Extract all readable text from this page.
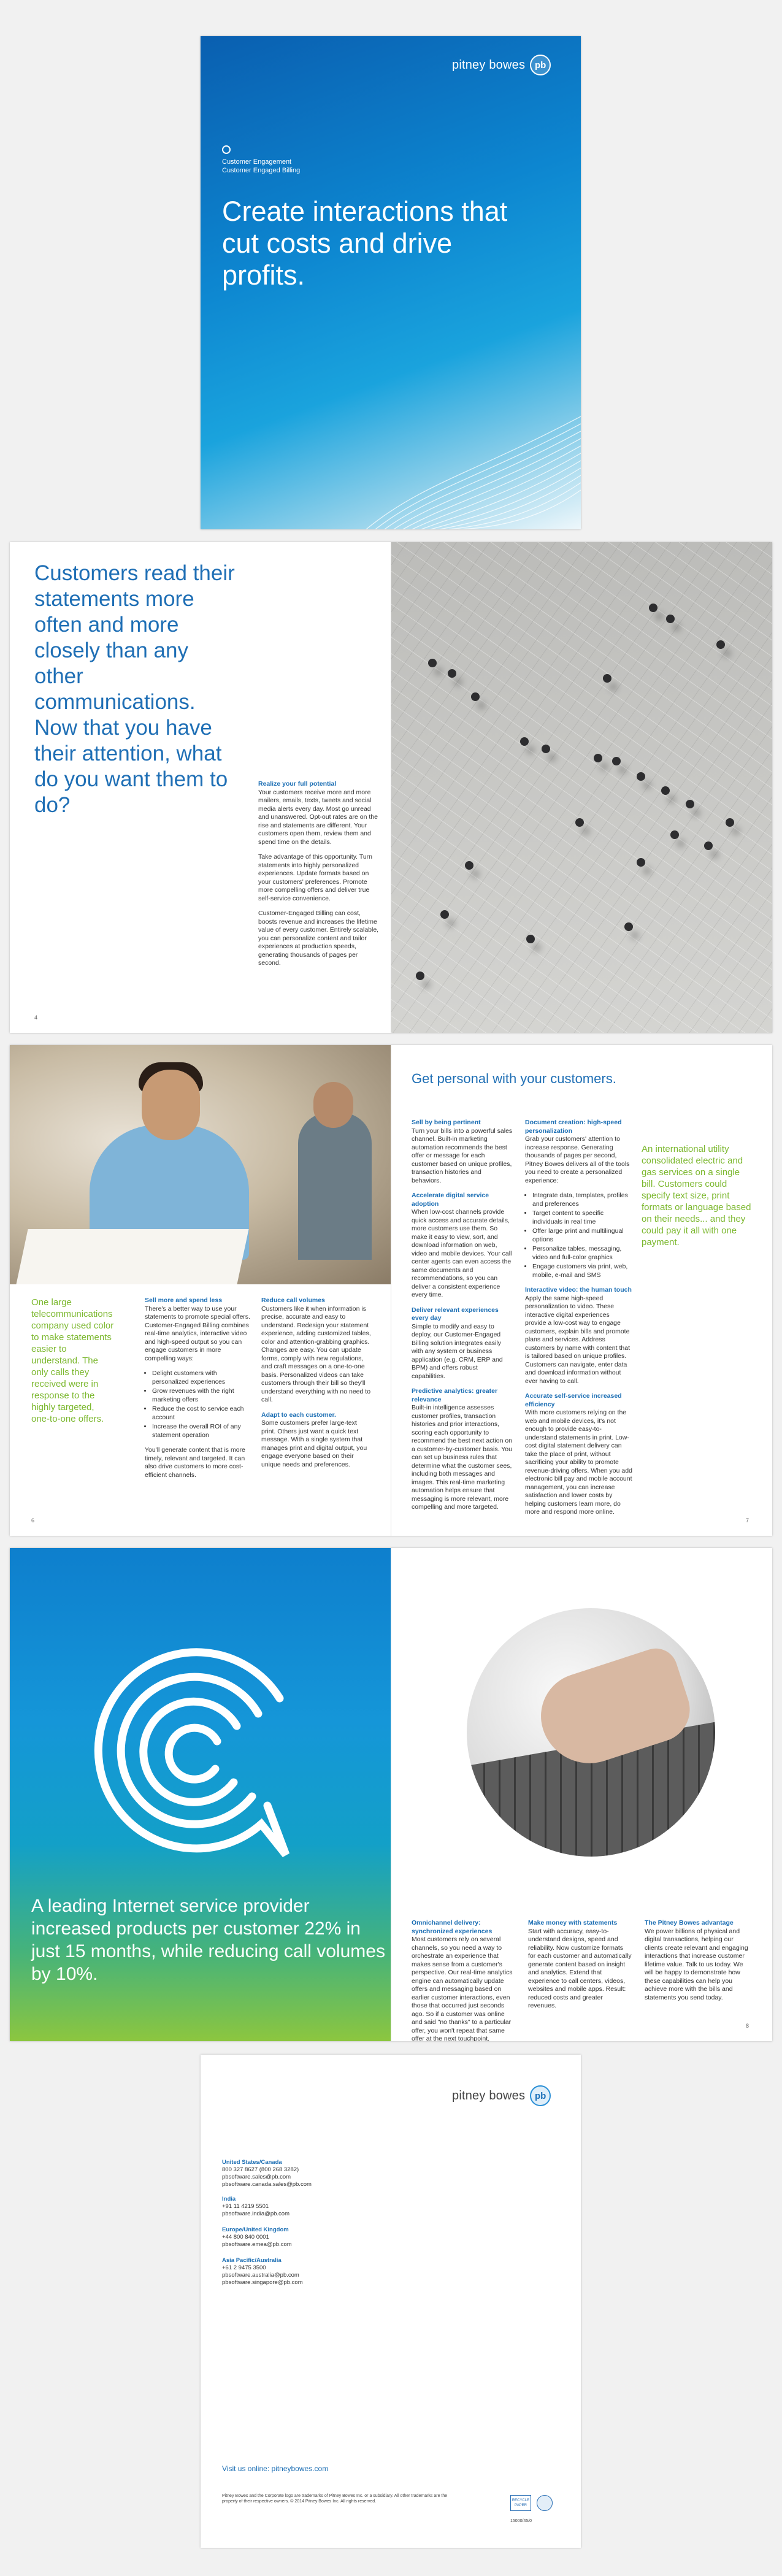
pitney bowes	pb
Customer Engagement
Customer Engaged Billing
Create interactions that cut costs and drive profits.
Customers read their statements more often and more closely than any other communications. Now that you have their attention, what do you want them to do?

Realize your full potential
Your customers receive more and more mailers, emails, texts, tweets and social media alerts every day. Most go unread and unanswered. Opt-out rates are on the rise and statements are different. Your customers open them, review them and spend time on the details.

Take advantage of this opportunity. Turn statements into highly personalized experiences. Update formats based on your customers' preferences. Promote more compelling offers and deliver true self-service convenience.

Customer-Engaged Billing can cost, boosts revenue and increases the lifetime value of every customer. Entirely scalable, you can personalize content and tailor experiences at production speeds, generating thousands of pages per second.

4
One large telecommunications company used color to make statements easier to understand. The only calls they received were in response to the highly targeted, one-to-one offers.

Sell more and spend less
There's a better way to use your statements to promote special offers. Customer-Engaged Billing combines real-time analytics, interactive video and high-speed output so you can engage customers in more compelling ways:

• Delight customers with personalized experiences
• Grow revenues with the right marketing offers
• Reduce the cost to service each account
• Increase the overall ROI of any statement operation

You'll generate content that is more timely, relevant and targeted. It can also drive customers to more cost-efficient channels.

Reduce call volumes
Customers like it when information is precise, accurate and easy to understand. Redesign your statement experience, adding customized tables, color and attention-grabbing graphics. Changes are easy. You can update forms, comply with new regulations, and craft messages on a one-to-one basis. Personalized videos can take customers through their bill so they'll understand everything with no need to call.

Adapt to each customer.
Some customers prefer large-text print. Others just want a quick text message. With a single system that manages print and digital output, you engage everyone based on their unique needs and preferences.

6
Get personal with your customers.

Sell by being pertinent
Turn your bills into a powerful sales channel. Built-in marketing automation recommends the best offer or message for each customer based on unique profiles, transaction histories and behaviors.

Accelerate digital service adoption
When low-cost channels provide quick access and accurate details, more customers use them. So make it easy to view, sort, and download information on web, video and mobile devices. Your call center agents can even access the same documents and recommendations, so you can deliver a consistent experience every time.

Deliver relevant experiences every day
Simple to modify and easy to deploy, our Customer-Engaged Billing solution integrates easily with any system or business application (e.g. CRM, ERP and BPM) and offers robust capabilities.

Predictive analytics: greater relevance
Built-in intelligence assesses customer profiles, transaction histories and prior interactions, scoring each opportunity to recommend the best next action on a customer-by-customer basis. You can set up business rules that determine what the customer sees, including both messages and images. This real-time marketing automation helps ensure that messaging is more relevant, more compelling and more targeted.

Document creation: high-speed personalization
Grab your customers' attention to increase response. Generating thousands of pages per second, Pitney Bowes delivers all of the tools you need to create a personalized experience:

• Integrate data, templates, profiles and preferences
• Target content to specific individuals in real time
• Offer large print and multilingual options
• Personalize tables, messaging, video and full-color graphics
• Engage customers via print, web, mobile, e-mail and SMS

Interactive video: the human touch
Apply the same high-speed personalization to video. These interactive digital experiences provide a low-cost way to engage customers, explain bills and promote plans and services. Address customers by name with content that is tailored based on unique profiles. Customers can navigate, enter data and download information without ever having to call.

Accurate self-service increased efficiency
With more customers relying on the web and mobile devices, it's not enough to provide easy-to-understand statements in print. Low-cost digital statement delivery can take the place of print, without sacrificing your ability to promote revenue-driving offers. When you add electronic bill pay and mobile account management, you can increase satisfaction and lower costs by helping customers learn more, do more and respond more online.

An international utility consolidated electric and gas services on a single bill. Customers could specify text size, print formats or language based on their needs... and they could pay it all with one payment.
7
A leading Internet service provider increased products per customer 22% in just 15 months, while reducing call volumes by 10%.

Omnichannel delivery: synchronized experiences
Most customers rely on several channels, so you need a way to orchestrate an experience that makes sense from a customer's perspective. Our real-time analytics engine can automatically update offers and messaging based on earlier customer interactions, even those that occurred just seconds ago. So if a customer was online and said "no thanks" to a particular offer, you won't repeat that same offer at the next touchpoint.

Make money with statements
Start with accuracy, easy-to-understand designs, speed and reliability. Now customize formats for each customer and automatically generate content based on insight and analytics. Extend that experience to call centers, videos, websites and mobile apps. Result: reduced costs and greater revenues.

The Pitney Bowes advantage
We power billions of physical and digital transactions, helping our clients create relevant and engaging interactions that increase customer lifetime value. Talk to us today. We will be happy to demonstrate how these capabilities can help you achieve more with the bills and statements you send today.

8
pitney bowes	pb
United States/Canada
800 327 8627 (800 268 3282)
pbsoftware.sales@pb.com
pbsoftware.canada.sales@pb.com
India
+91 11 4219 5501
pbsoftware.india@pb.com
Europe/United Kingdom
+44 800 840 0001
pbsoftware.emea@pb.com
Asia Pacific/Australia
+61 2 9475 3500
pbsoftware.australia@pb.com
pbsoftware.singapore@pb.com
Visit us online: pitneybowes.com
Pitney Bowes and the Corporate logo are trademarks of Pitney Bowes Inc. or a subsidiary. All other trademarks are the property of their respective owners. © 2014 Pitney Bowes Inc. All rights reserved.	RECYCLE PAPER
15000/45/0
